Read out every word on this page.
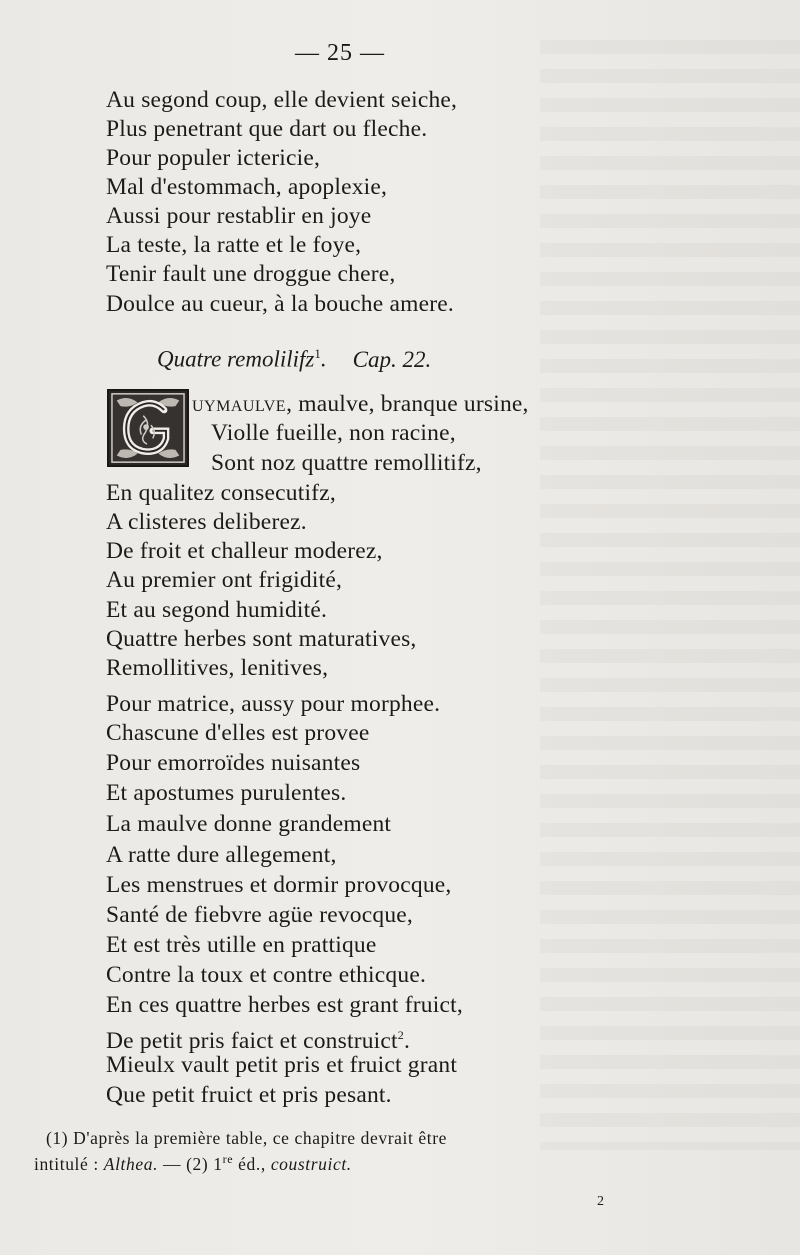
— 25 —
Au segond coup, elle devient seiche,
Plus penetrant que dart ou fleche.
Pour populer ictericie,
Mal d'estommach, apoplexie,
Aussi pour restablir en joye
La teste, la ratte et le foye,
Tenir fault une droggue chere,
Doulce au cueur, à la bouche amere.
Quatre remolilifz$^1$. Cap. 22.
uymaulve, maulve, branque ursine,
Violle fueille, non racine,
Sont noz quattre remollitifz,
En qualitez consecutifz,
A clisteres deliberez.
De froit et challeur moderez,
Au premier ont frigidité,
Et au segond humidité.
Quattre herbes sont maturatives,
Remollitives, lenitives,
Pour matrice, aussy pour morphee.
Chascune d'elles est provee
Pour emorroïdes nuisantes
Et apostumes purulentes.
La maulve donne grandement
A ratte dure allegement,
Les menstrues et dormir provocque,
Santé de fiebvre agüe revocque,
Et est très utille en prattique
Contre la toux et contre ethicque.
En ces quattre herbes est grant fruict,
De petit pris faict et construict$^2$.
Mieulx vault petit pris et fruict grant
Que petit fruict et pris pesant.
(1) D'après la première table, ce chapitre devrait être
intitulé : Althea. — (2) 1re éd., coustruict.
2
